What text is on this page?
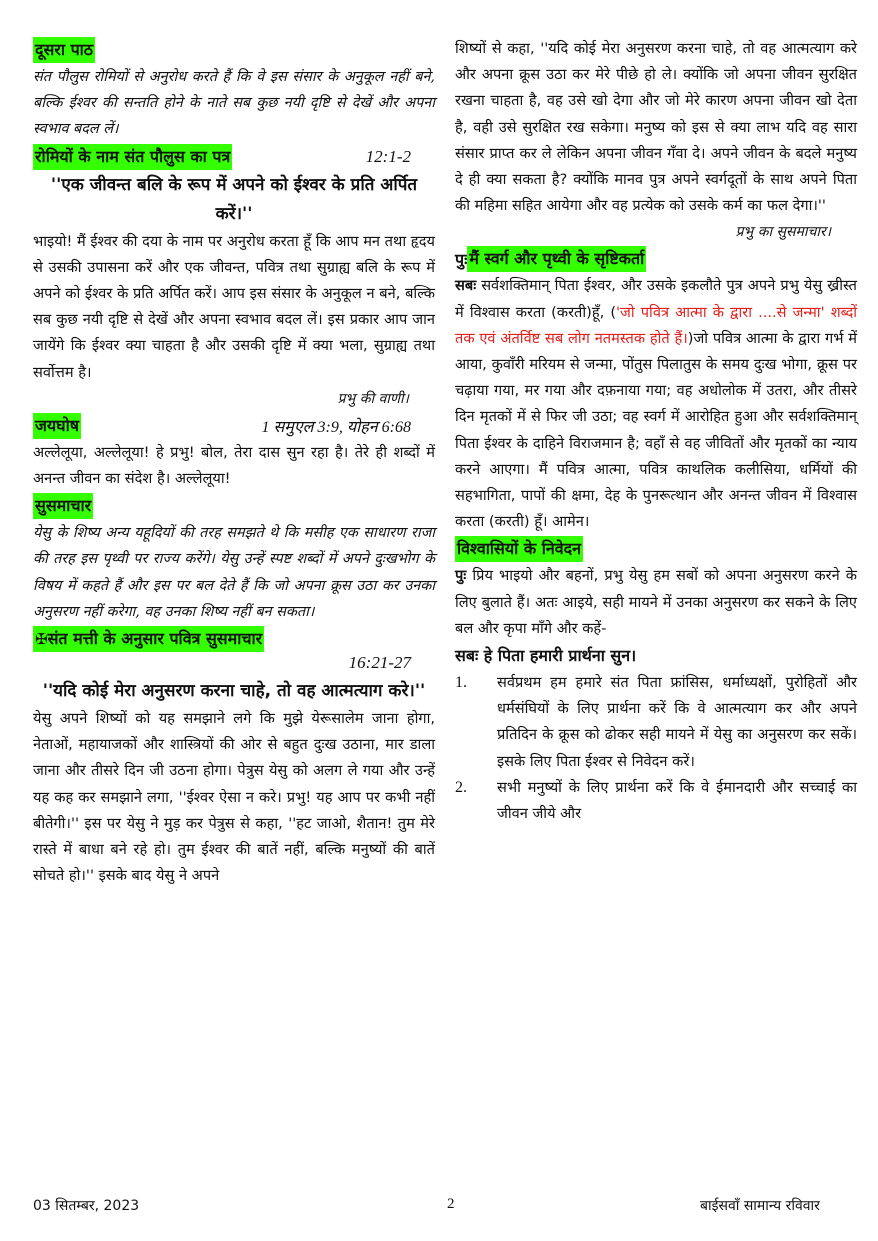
दूसरा पाठ

संत पौलुस रोमियों से अनुरोध करते हैं कि वे इस संसार के अनुकूल नहीं बने, बल्कि ईश्वर की सन्तति होने के नाते सब कुछ नयी दृष्टि से देखें और अपना स्वभाव बदल लें।

रोमियों के नाम संत पौलुस का पत्र	12:1-2

''एक जीवन्त बलि के रूप में अपने को ईश्वर के प्रति अर्पित करें।''

भाइयो! मैं ईश्वर की दया के नाम पर अनुरोध करता हूँ कि आप मन तथा हृदय से उसकी उपासना करें और एक जीवन्त, पवित्र तथा सुग्राह्य बलि के रूप में अपने को ईश्वर के प्रति अर्पित करें। आप इस संसार के अनुकूल न बने, बल्कि सब कुछ नयी दृष्टि से देखें और अपना स्वभाव बदल लें। इस प्रकार आप जान जायेंगे कि ईश्वर क्या चाहता है और उसकी दृष्टि में क्या भला, सुग्राह्य तथा सर्वोत्तम है।

प्रभु की वाणी।
जयघोष	1 समुएल 3:9, योहन 6:68

अल्लेलूया, अल्लेलूया! हे प्रभु! बोल, तेरा दास सुन रहा है। तेरे ही शब्दों में अनन्त जीवन का संदेश है। अल्लेलूया!

सुसमाचार

येसु के शिष्य अन्य यहूदियों की तरह समझते थे कि मसीह एक साधारण राजा की तरह इस पृथ्वी पर राज्य करेंगे। येसु उन्हें स्पष्ट शब्दों में अपने दुःखभोग के विषय में कहते हैं और इस पर बल देते हैं कि जो अपना क्रूस उठा कर उनका अनुसरण नहीं करेगा, वह उनका शिष्य नहीं बन सकता।

✠संत मत्ती के अनुसार पवित्र सुसमाचार
16:21-27

''यदि कोई मेरा अनुसरण करना चाहे, तो वह आत्मत्याग करे।''

येसु अपने शिष्यों को यह समझाने लगे कि मुझे येरूसालेम जाना होगा, नेताओं, महायाजकों और शास्त्रियों की ओर से बहुत दुःख उठाना, मार डाला जाना और तीसरे दिन जी उठना होगा। पेत्रुस येसु को अलग ले गया और उन्हें यह कह कर समझाने लगा, ''ईश्वर ऐसा न करे। प्रभु! यह आप पर कभी नहीं बीतेगी।'' इस पर येसु ने मुड़ कर पेत्रुस से कहा, ''हट जाओ, शैतान! तुम मेरे रास्ते में बाधा बने रहे हो। तुम ईश्वर की बातें नहीं, बल्कि मनुष्यों की बातें सोचते हो।'' इसके बाद येसु ने अपने

शिष्यों से कहा, ''यदि कोई मेरा अनुसरण करना चाहे, तो वह आत्मत्याग करे और अपना क्रूस उठा कर मेरे पीछे हो ले। क्योंकि जो अपना जीवन सुरक्षित रखना चाहता है, वह उसे खो देगा और जो मेरे कारण अपना जीवन खो देता है, वही उसे सुरक्षित रख सकेगा। मनुष्य को इस से क्या लाभ यदि वह सारा संसार प्राप्त कर ले लेकिन अपना जीवन गँवा दे। अपने जीवन के बदले मनुष्य दे ही क्या सकता है? क्योंकि मानव पुत्र अपने स्वर्गदूतों के साथ अपने पिता की महिमा सहित आयेगा और वह प्रत्येक को उसके कर्म का फल देगा।''

प्रभु का सुसमाचार।
पुः मैं स्वर्ग और पृथ्वी के सृष्टिकर्ता

सबः सर्वशक्तिमान् पिता ईश्वर, और उसके इकलौते पुत्र अपने प्रभु येसु ख्रीस्त में विश्वास करता (करती)हूँ, ('जो पवित्र आत्मा के द्वारा ....से जन्मा' शब्दों तक एवं अंतर्विष्ट सब लोग नतमस्तक होते हैं।)जो पवित्र आत्मा के द्वारा गर्भ में आया, कुवाँरी मरियम से जन्मा, पोंतुस पिलातुस के समय दुःख भोगा, क्रूस पर चढ़ाया गया, मर गया और दफ़नाया गया; वह अधोलोक में उतरा, और तीसरे दिन मृतकों में से फिर जी उठा; वह स्वर्ग में आरोहित हुआ और सर्वशक्तिमान् पिता ईश्वर के दाहिने विराजमान है; वहाँ से वह जीवितों और मृतकों का न्याय करने आएगा। मैं पवित्र आत्मा, पवित्र काथलिक कलीसिया, धर्मियों की सहभागिता, पापों की क्षमा, देह के पुनरूत्थान और अनन्त जीवन में विश्वास करता (करती) हूँ। आमेन।

विश्वासियों के निवेदन

पुः प्रिय भाइयो और बहनों, प्रभु येसु हम सबों को अपना अनुसरण करने के लिए बुलाते हैं। अतः आइये, सही मायने में उनका अनुसरण कर सकने के लिए बल और कृपा माँगे और कहें-

सबः हे पिता हमारी प्रार्थना सुन।

1.	सर्वप्रथम हम हमारे संत पिता फ्रांसिस, धर्माध्यक्षों, पुरोहितों और धर्मसंघियों के लिए प्रार्थना करें कि वे आत्मत्याग कर और अपने प्रतिदिन के क्रूस को ढोकर सही मायने में येसु का अनुसरण कर सकें। इसके लिए पिता ईश्वर से निवेदन करें।
2.	सभी मनुष्यों के लिए प्रार्थना करें कि वे ईमानदारी और सच्चाई का जीवन जीये और
03 सितम्बर, 2023	2	बाईसवाँ सामान्य रविवार
